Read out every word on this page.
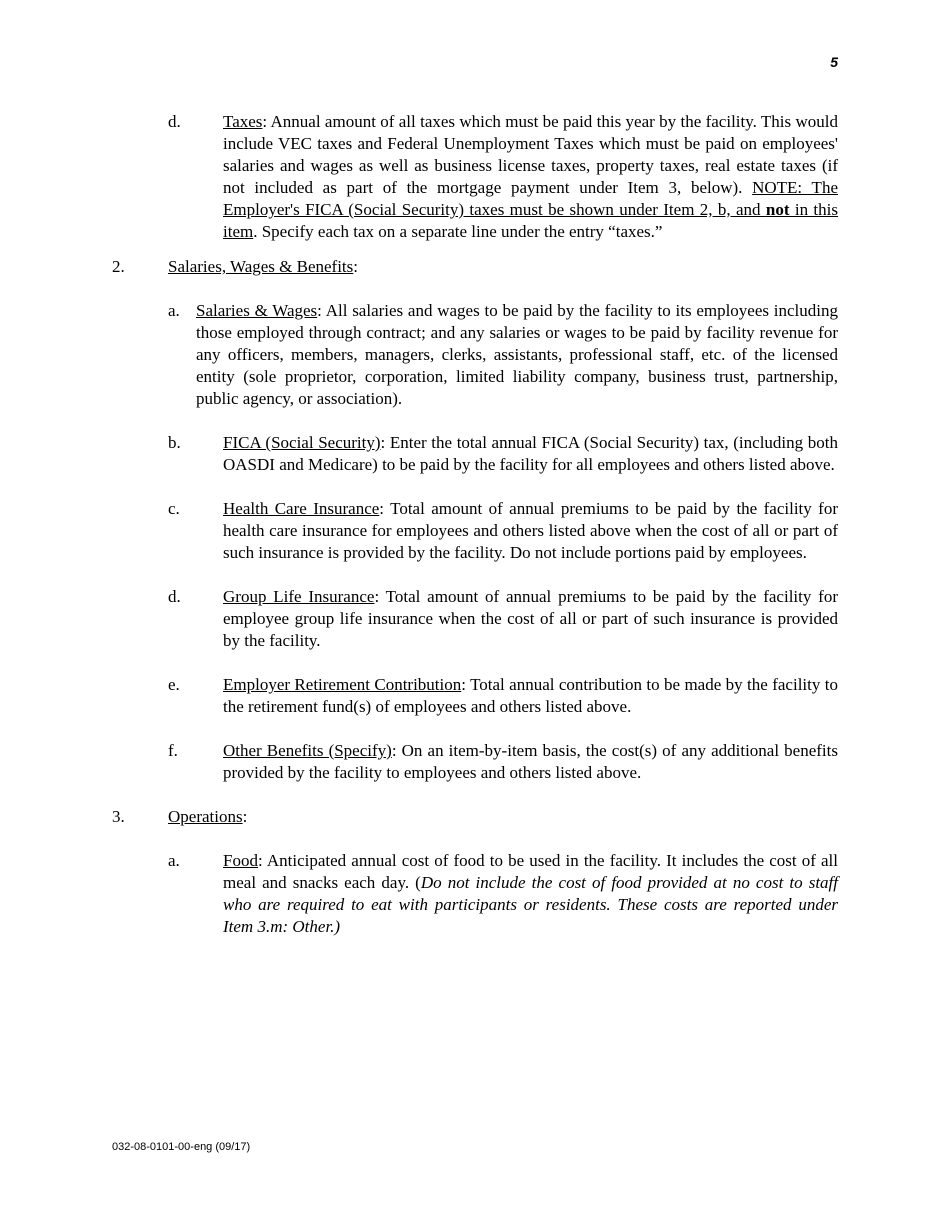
5
d. Taxes: Annual amount of all taxes which must be paid this year by the facility. This would include VEC taxes and Federal Unemployment Taxes which must be paid on employees' salaries and wages as well as business license taxes, property taxes, real estate taxes (if not included as part of the mortgage payment under Item 3, below). NOTE: The Employer's FICA (Social Security) taxes must be shown under Item 2, b, and not in this item. Specify each tax on a separate line under the entry “taxes.”
2.	Salaries, Wages & Benefits:
a. Salaries & Wages: All salaries and wages to be paid by the facility to its employees including those employed through contract; and any salaries or wages to be paid by facility revenue for any officers, members, managers, clerks, assistants, professional staff, etc. of the licensed entity (sole proprietor, corporation, limited liability company, business trust, partnership, public agency, or association).
b. FICA (Social Security): Enter the total annual FICA (Social Security) tax, (including both OASDI and Medicare) to be paid by the facility for all employees and others listed above.
c.	Health Care Insurance: Total amount of annual premiums to be paid by the facility for health care insurance for employees and others listed above when the cost of all or part of such insurance is provided by the facility. Do not include portions paid by employees.
d. Group Life Insurance: Total amount of annual premiums to be paid by the facility for employee group life insurance when the cost of all or part of such insurance is provided by the facility.
e.	Employer Retirement Contribution: Total annual contribution to be made by the facility to the retirement fund(s) of employees and others listed above.
f.	Other Benefits (Specify): On an item-by-item basis, the cost(s) of any additional benefits provided by the facility to employees and others listed above.
3.	Operations:
a.	Food: Anticipated annual cost of food to be used in the facility. It includes the cost of all meal and snacks each day. (Do not include the cost of food provided at no cost to staff who are required to eat with participants or residents. These costs are reported under Item 3.m: Other.)
032-08-0101-00-eng (09/17)
